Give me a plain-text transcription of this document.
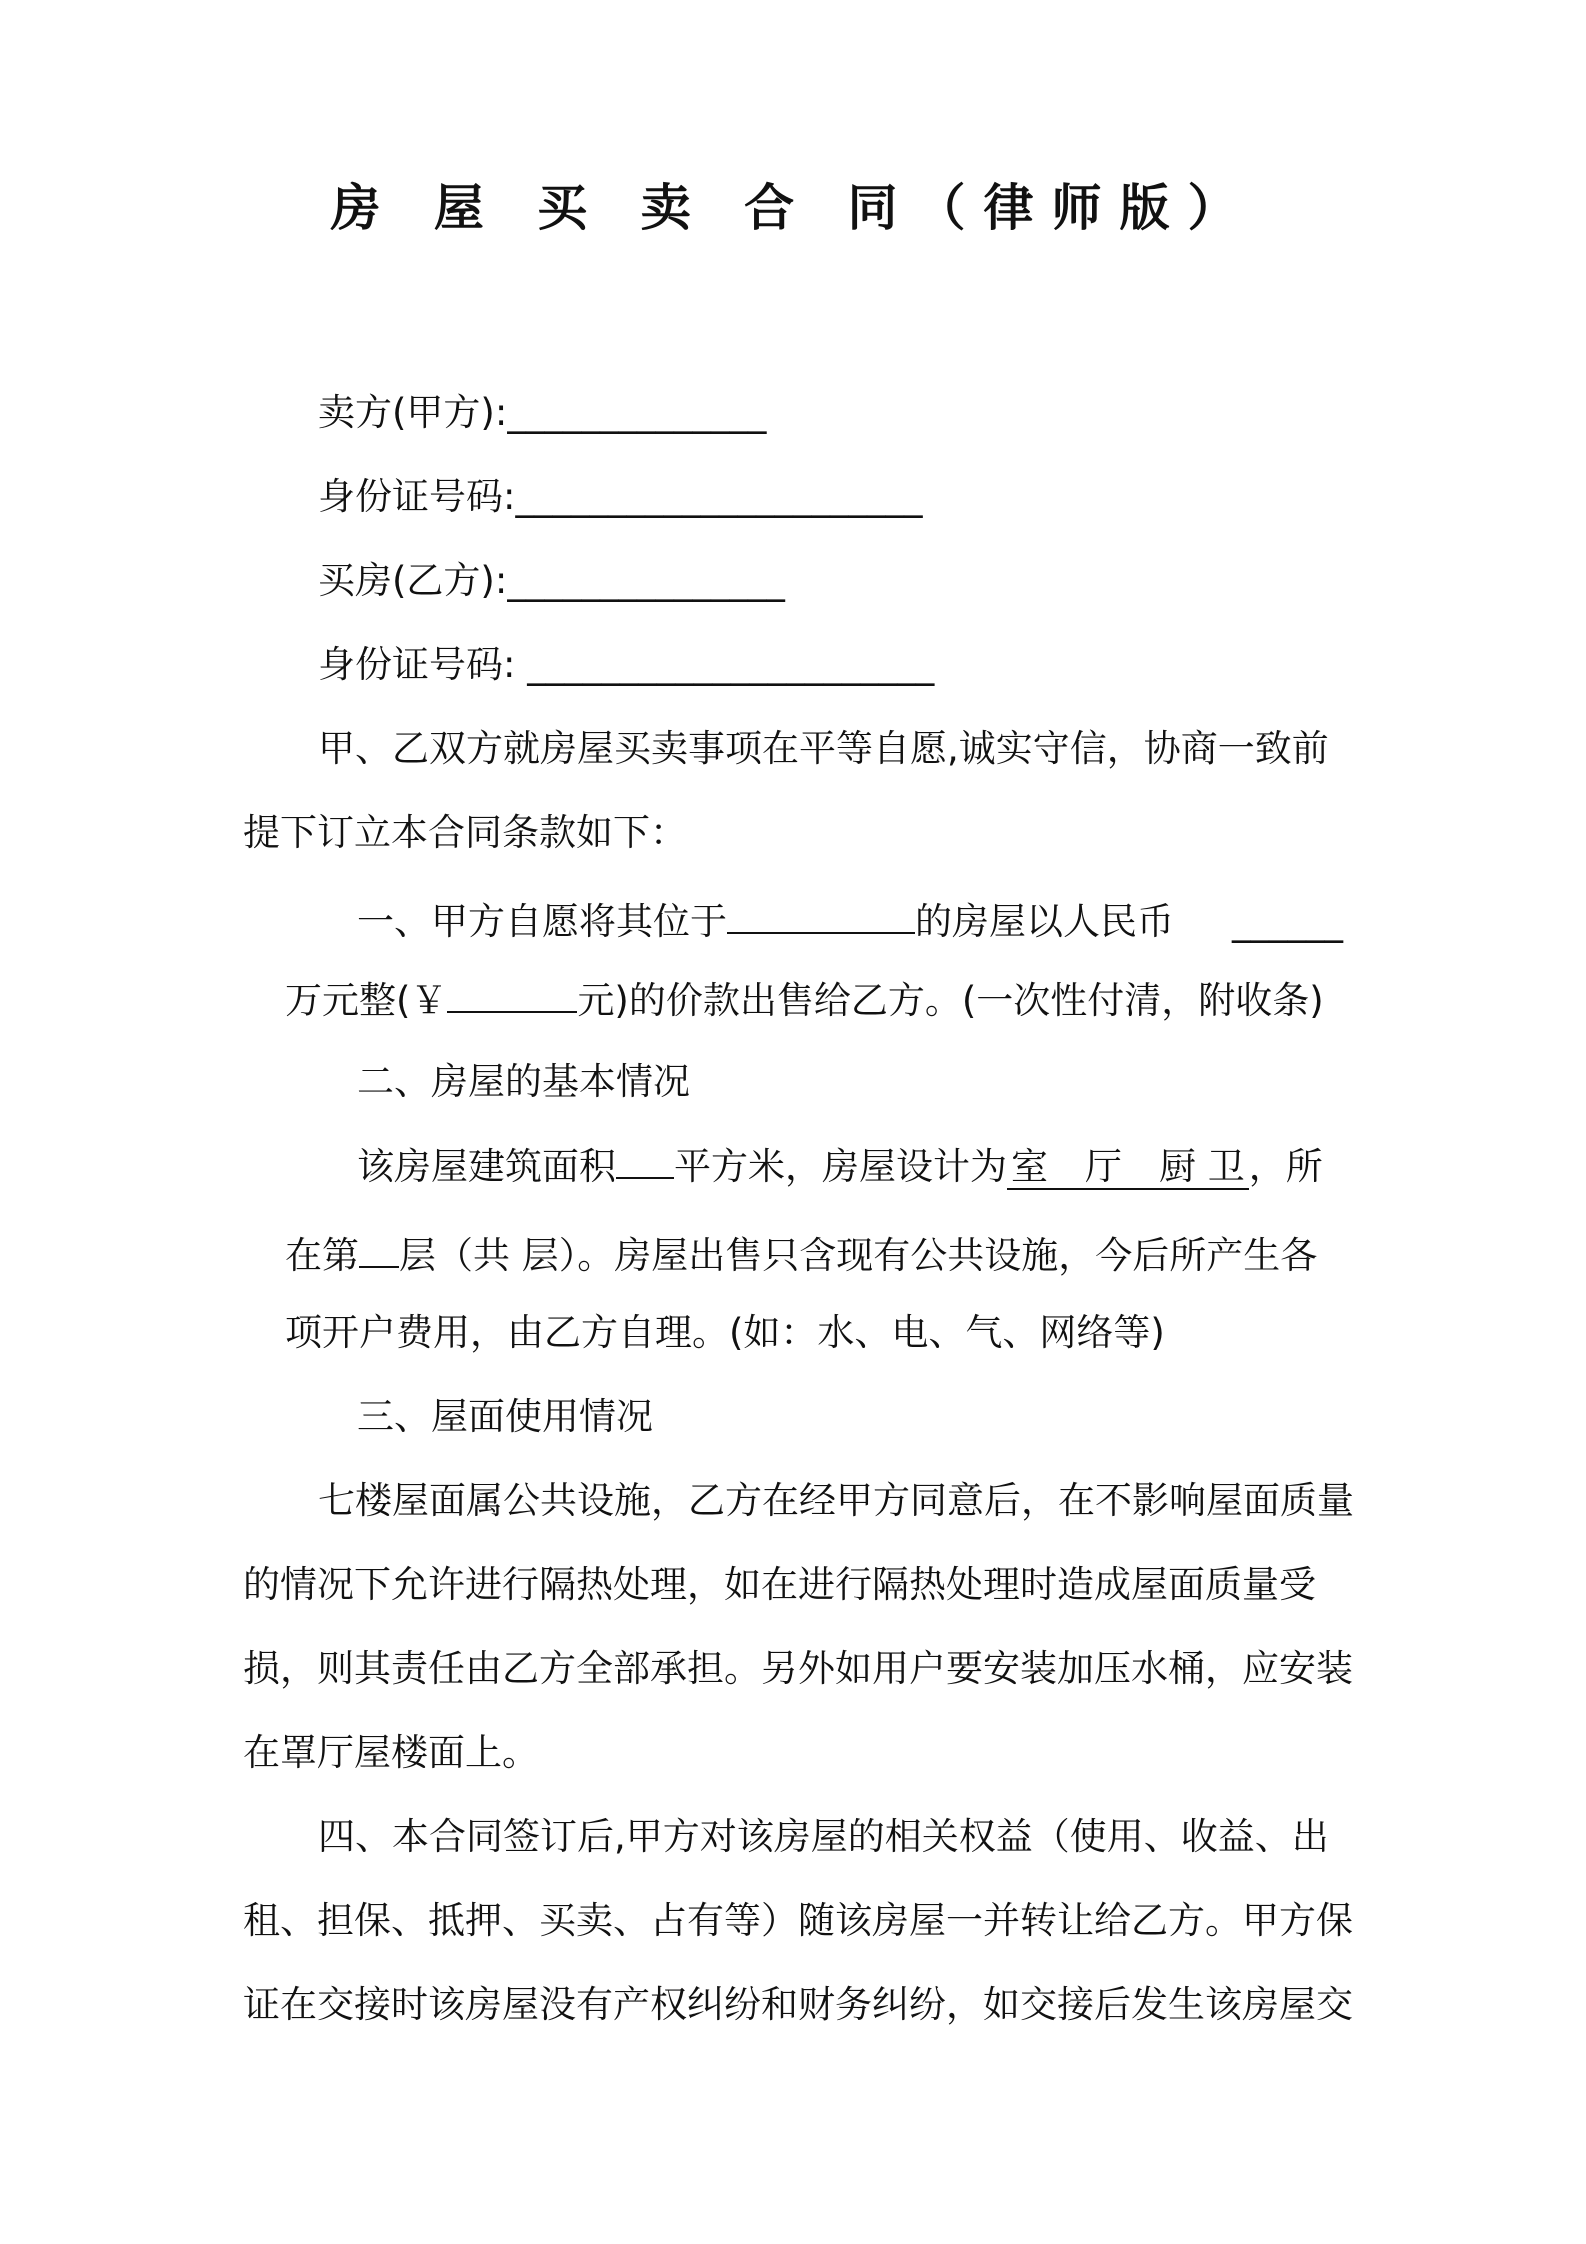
房 屋 买 卖 合 同（律师版）
卖方(甲方):______________
身份证号码:______________________
买房(乙方):_______________
身份证号码: ______________________
甲、乙双方就房屋买卖事项在平等自愿,诚实守信，协商一致前
提下订立本合同条款如下：
一、甲方自愿将其位于	的房屋以人民币 ______
万元整(￥	元)的价款出售给乙方。(一次性付清，附收条)
二、房屋的基本情况
该房屋建筑面积 平方米，房屋设计为 室　厅　厨 卫 ，所
在第 层（共 层）。房屋出售只含现有公共设施，今后所产生各
项开户费用，由乙方自理。(如：水、电、气、网络等)
三、屋面使用情况
七楼屋面属公共设施，乙方在经甲方同意后，在不影响屋面质量
的情况下允许进行隔热处理，如在进行隔热处理时造成屋面质量受
损，则其责任由乙方全部承担。另外如用户要安装加压水桶，应安装
在罩厅屋楼面上。
四、本合同签订后,甲方对该房屋的相关权益（使用、收益、出
租、担保、抵押、买卖、占有等）随该房屋一并转让给乙方。甲方保
证在交接时该房屋没有产权纠纷和财务纠纷，如交接后发生该房屋交
